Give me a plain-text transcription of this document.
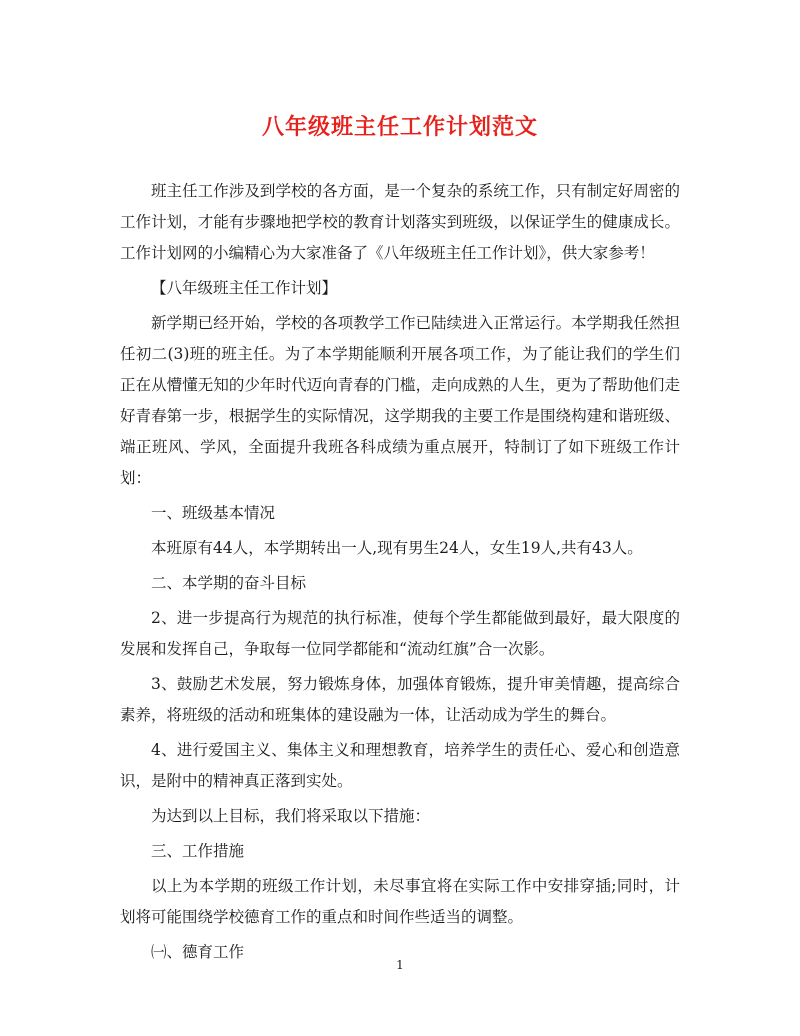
八年级班主任工作计划范文

班主任工作涉及到学校的各方面，是一个复杂的系统工作，只有制定好周密的工作计划，才能有步骤地把学校的教育计划落实到班级，以保证学生的健康成长。工作计划网的小编精心为大家准备了《八年级班主任工作计划》，供大家参考！

【八年级班主任工作计划】

新学期已经开始，学校的各项教学工作已陆续进入正常运行。本学期我任然担任初二(3)班的班主任。为了本学期能顺利开展各项工作，为了能让我们的学生们正在从懵懂无知的少年时代迈向青春的门槛，走向成熟的人生，更为了帮助他们走好青春第一步，根据学生的实际情况，这学期我的主要工作是围绕构建和谐班级、端正班风、学风，全面提升我班各科成绩为重点展开，特制订了如下班级工作计划：

一、班级基本情况

本班原有44人，本学期转出一人,现有男生24人，女生19人,共有43人。

二、本学期的奋斗目标

2、进一步提高行为规范的执行标准，使每个学生都能做到最好，最大限度的发展和发挥自己，争取每一位同学都能和“流动红旗”合一次影。

3、鼓励艺术发展，努力锻炼身体，加强体育锻炼，提升审美情趣，提高综合素养，将班级的活动和班集体的建设融为一体，让活动成为学生的舞台。

4、进行爱国主义、集体主义和理想教育，培养学生的责任心、爱心和创造意识，是附中的精神真正落到实处。

为达到以上目标，我们将采取以下措施：

三、工作措施

以上为本学期的班级工作计划，未尽事宜将在实际工作中安排穿插;同时，计划将可能围绕学校德育工作的重点和时间作些适当的调整。

㈠、德育工作

1
